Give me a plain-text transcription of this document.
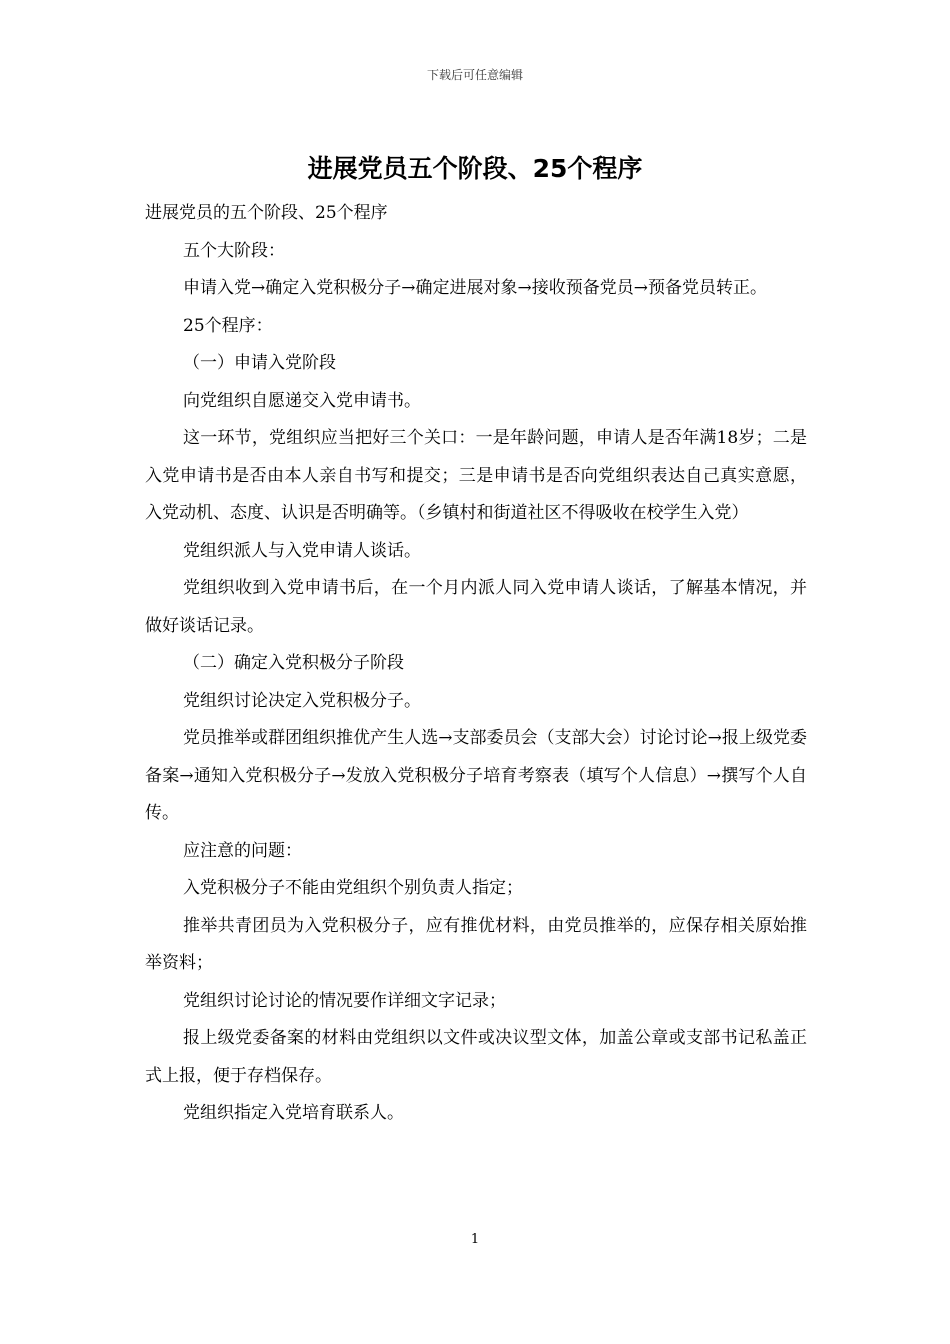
下载后可任意编辑
进展党员五个阶段、25个程序

进展党员的五个阶段、25个程序

五个大阶段：

申请入党→确定入党积极分子→确定进展对象→接收预备党员→预备党员转正。

25个程序：

（一）申请入党阶段

向党组织自愿递交入党申请书。

这一环节，党组织应当把好三个关口：一是年龄问题，申请人是否年满18岁；二是入党申请书是否由本人亲自书写和提交；三是申请书是否向党组织表达自己真实意愿，入党动机、态度、认识是否明确等。（乡镇村和街道社区不得吸收在校学生入党）

党组织派人与入党申请人谈话。

党组织收到入党申请书后，在一个月内派人同入党申请人谈话，了解基本情况，并做好谈话记录。

（二）确定入党积极分子阶段

党组织讨论决定入党积极分子。

党员推举或群团组织推优产生人选→支部委员会（支部大会）讨论讨论→报上级党委备案→通知入党积极分子→发放入党积极分子培育考察表（填写个人信息）→撰写个人自传。

应注意的问题：

入党积极分子不能由党组织个别负责人指定；

推举共青团员为入党积极分子，应有推优材料，由党员推举的，应保存相关原始推举资料；

党组织讨论讨论的情况要作详细文字记录；

报上级党委备案的材料由党组织以文件或决议型文体，加盖公章或支部书记私盖正式上报，便于存档保存。

党组织指定入党培育联系人。

1
